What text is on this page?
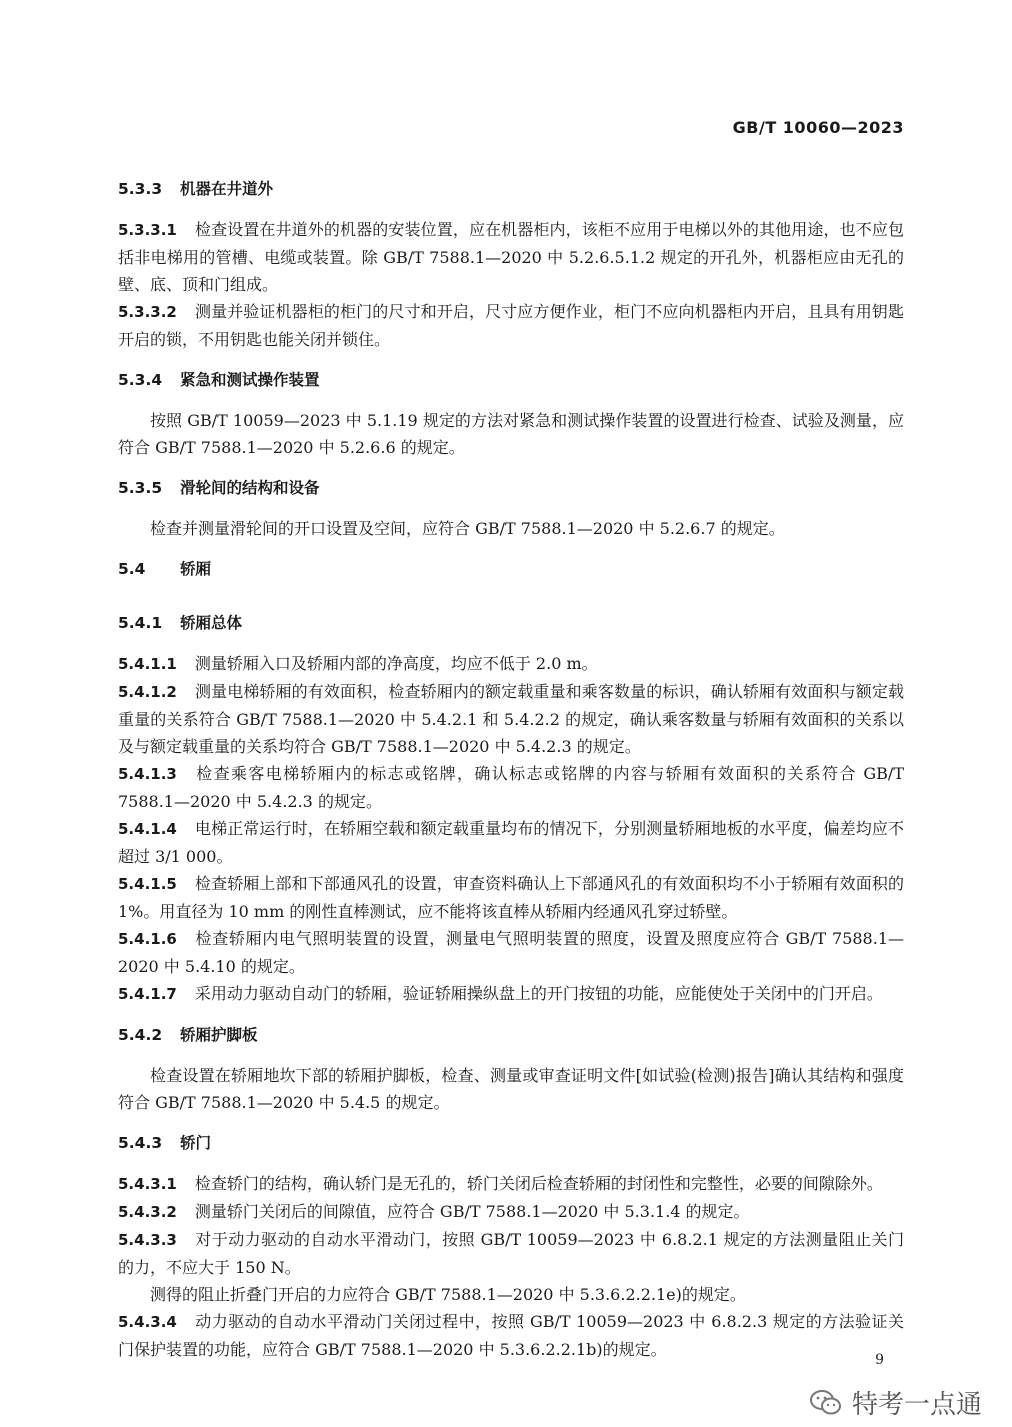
GB/T 10060—2023
5.3.3 机器在井道外

5.3.3.1 检查设置在井道外的机器的安装位置，应在机器柜内，该柜不应用于电梯以外的其他用途，也不应包括非电梯用的管槽、电缆或装置。除 GB/T 7588.1—2020 中 5.2.6.5.1.2 规定的开孔外，机器柜应由无孔的壁、底、顶和门组成。

5.3.3.2 测量并验证机器柜的柜门的尺寸和开启，尺寸应方便作业，柜门不应向机器柜内开启，且具有用钥匙开启的锁，不用钥匙也能关闭并锁住。

5.3.4 紧急和测试操作装置

按照 GB/T 10059—2023 中 5.1.19 规定的方法对紧急和测试操作装置的设置进行检查、试验及测量，应符合 GB/T 7588.1—2020 中 5.2.6.6 的规定。

5.3.5 滑轮间的结构和设备

检查并测量滑轮间的开口设置及空间，应符合 GB/T 7588.1—2020 中 5.2.6.7 的规定。

5.4 轿厢
5.4.1 轿厢总体

5.4.1.1 测量轿厢入口及轿厢内部的净高度，均应不低于 2.0 m。

5.4.1.2 测量电梯轿厢的有效面积，检查轿厢内的额定载重量和乘客数量的标识，确认轿厢有效面积与额定载重量的关系符合 GB/T 7588.1—2020 中 5.4.2.1 和 5.4.2.2 的规定，确认乘客数量与轿厢有效面积的关系以及与额定载重量的关系均符合 GB/T 7588.1—2020 中 5.4.2.3 的规定。

5.4.1.3 检查乘客电梯轿厢内的标志或铭牌，确认标志或铭牌的内容与轿厢有效面积的关系符合 GB/T 7588.1—2020 中 5.4.2.3 的规定。

5.4.1.4 电梯正常运行时，在轿厢空载和额定载重量均布的情况下，分别测量轿厢地板的水平度，偏差均应不超过 3/1 000。

5.4.1.5 检查轿厢上部和下部通风孔的设置，审查资料确认上下部通风孔的有效面积均不小于轿厢有效面积的 1%。用直径为 10 mm 的刚性直棒测试，应不能将该直棒从轿厢内经通风孔穿过轿壁。

5.4.1.6 检查轿厢内电气照明装置的设置，测量电气照明装置的照度，设置及照度应符合 GB/T 7588.1—2020 中 5.4.10 的规定。

5.4.1.7 采用动力驱动自动门的轿厢，验证轿厢操纵盘上的开门按钮的功能，应能使处于关闭中的门开启。

5.4.2 轿厢护脚板

检查设置在轿厢地坎下部的轿厢护脚板，检查、测量或审查证明文件[如试验(检测)报告]确认其结构和强度符合 GB/T 7588.1—2020 中 5.4.5 的规定。

5.4.3 轿门

5.4.3.1 检查轿门的结构，确认轿门是无孔的，轿门关闭后检查轿厢的封闭性和完整性，必要的间隙除外。

5.4.3.2 测量轿门关闭后的间隙值，应符合 GB/T 7588.1—2020 中 5.3.1.4 的规定。

5.4.3.3 对于动力驱动的自动水平滑动门，按照 GB/T 10059—2023 中 6.8.2.1 规定的方法测量阻止关门的力，不应大于 150 N。

测得的阻止折叠门开启的力应符合 GB/T 7588.1—2020 中 5.3.6.2.2.1e)的规定。

5.4.3.4 动力驱动的自动水平滑动门关闭过程中，按照 GB/T 10059—2023 中 6.8.2.3 规定的方法验证关门保护装置的功能，应符合 GB/T 7588.1—2020 中 5.3.6.2.2.1b)的规定。

9
特考一点通
